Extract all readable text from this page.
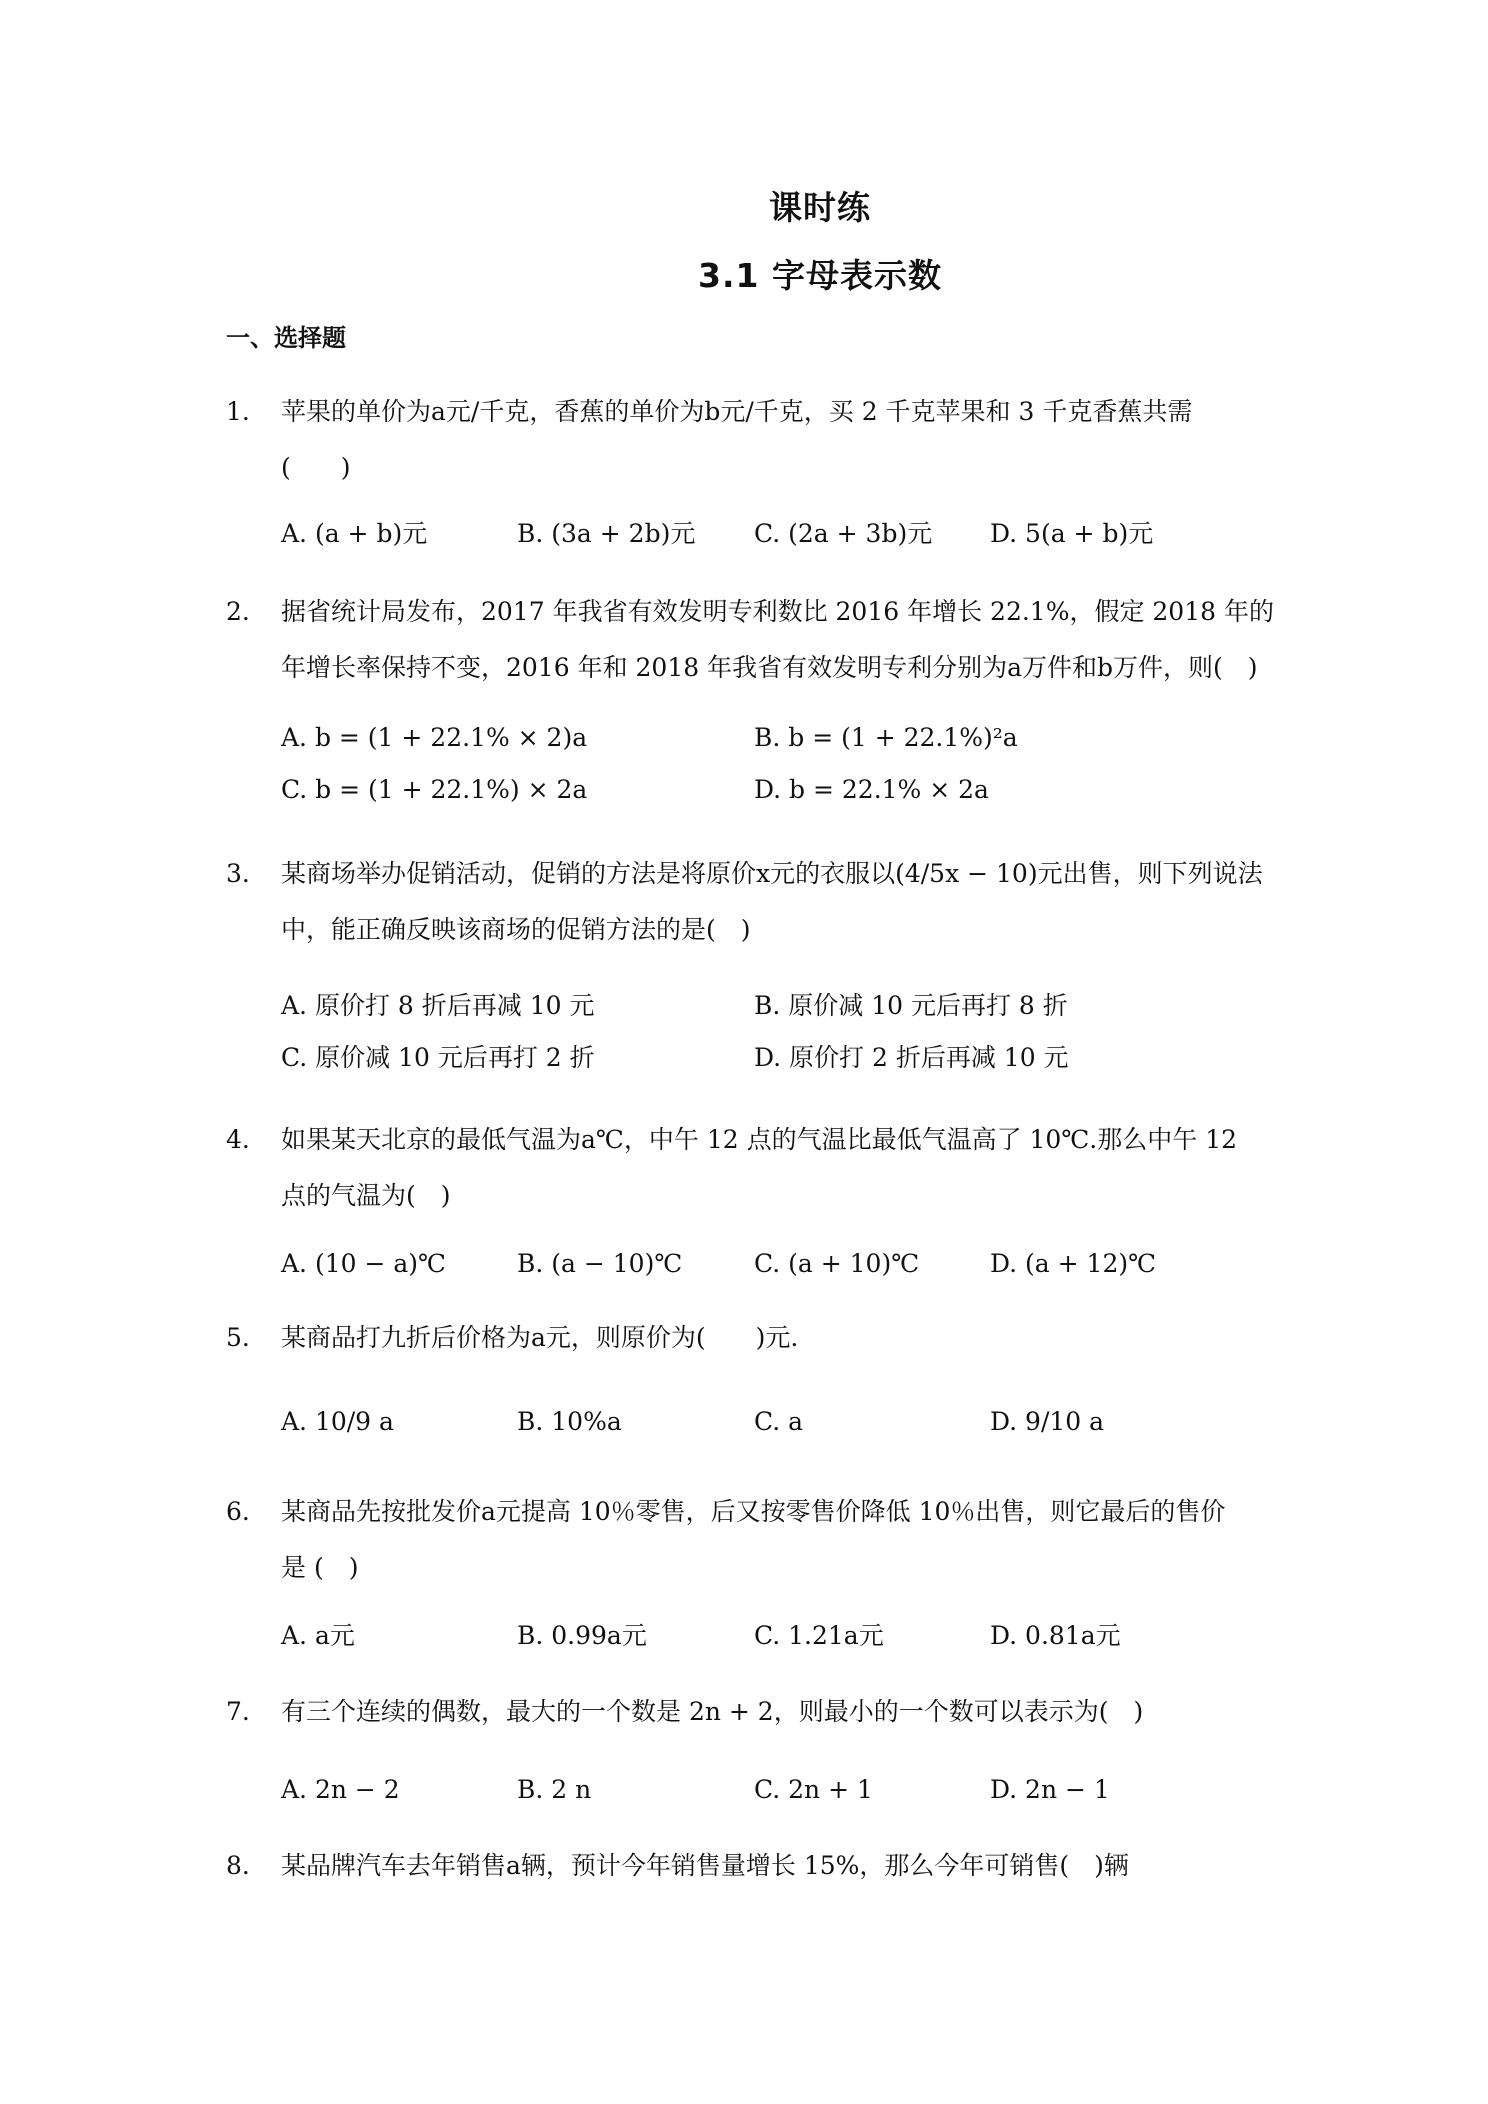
课时练
3.1 字母表示数
一、选择题
1. 苹果的单价为a元/千克，香蕉的单价为b元/千克，买 2 千克苹果和 3 千克香蕉共需
(　　)
A. (a + b)元	B. (3a + 2b)元 C. (2a + 3b)元 D. 5(a + b)元
2. 据省统计局发布，2017 年我省有效发明专利数比 2016 年增长 22.1%，假定 2018 年的
年增长率保持不变，2016 年和 2018 年我省有效发明专利分别为a万件和b万件，则(　)
A. b = (1 + 22.1% × 2)a	B. b = (1 + 22.1%)²a
C. b = (1 + 22.1%) × 2a	D. b = 22.1% × 2a
3. 某商场举办促销活动，促销的方法是将原价x元的衣服以(4/5x − 10)元出售，则下列说法
中，能正确反映该商场的促销方法的是(　)
A. 原价打 8 折后再减 10 元	B. 原价减 10 元后再打 8 折
C. 原价减 10 元后再打 2 折	D. 原价打 2 折后再减 10 元
4. 如果某天北京的最低气温为a℃，中午 12 点的气温比最低气温高了 10℃.那么中午 12
点的气温为(　)
A. (10 − a)℃	B. (a − 10)℃	C. (a + 10)℃	D. (a + 12)℃
5. 某商品打九折后价格为a元，则原价为(　　)元.
A. 10/9 a	B. 10%a	C. a	D. 9/10 a
6. 某商品先按批发价a元提高 10％零售，后又按零售价降低 10％出售，则它最后的售价
是 (　)
A. a元	B. 0.99a元	C. 1.21a元	D. 0.81a元
7. 有三个连续的偶数，最大的一个数是 2n + 2，则最小的一个数可以表示为(　)
A. 2n − 2	B. 2 n	C. 2n + 1	D. 2n − 1
8. 某品牌汽车去年销售a辆，预计今年销售量增长 15%，那么今年可销售(　)辆
